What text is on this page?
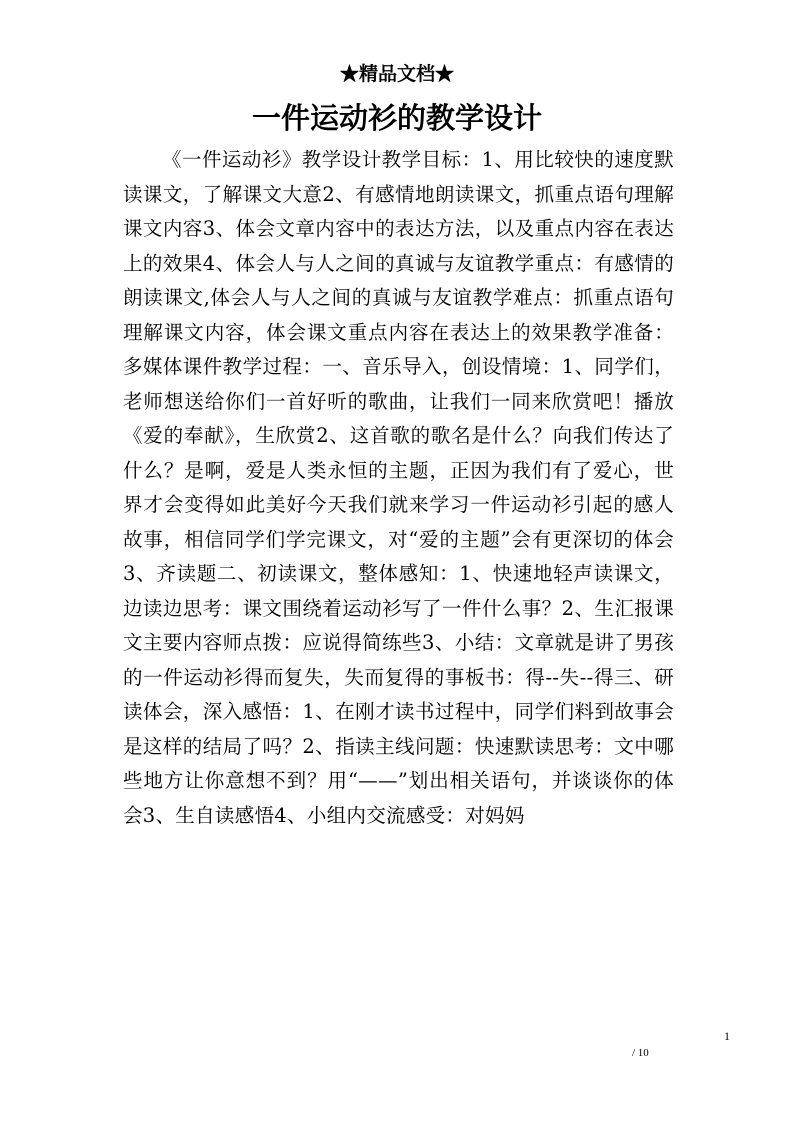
★精品文档★
一件运动衫的教学设计
《一件运动衫》教学设计教学目标：1、用比较快的速度默读课文，了解课文大意2、有感情地朗读课文，抓重点语句理解课文内容3、体会文章内容中的表达方法，以及重点内容在表达上的效果4、体会人与人之间的真诚与友谊教学重点：有感情的朗读课文,体会人与人之间的真诚与友谊教学难点：抓重点语句理解课文内容，体会课文重点内容在表达上的效果教学准备：多媒体课件教学过程：一、音乐导入，创设情境：1、同学们，老师想送给你们一首好听的歌曲，让我们一同来欣赏吧！播放《爱的奉献》，生欣赏2、这首歌的歌名是什么？向我们传达了什么？是啊，爱是人类永恒的主题，正因为我们有了爱心，世界才会变得如此美好今天我们就来学习一件运动衫引起的感人故事，相信同学们学完课文，对“爱的主题”会有更深切的体会3、齐读题二、初读课文，整体感知：1、快速地轻声读课文，边读边思考：课文围绕着运动衫写了一件什么事？2、生汇报课文主要内容师点拨：应说得简练些3、小结：文章就是讲了男孩的一件运动衫得而复失，失而复得的事板书：得--失--得三、研读体会，深入感悟：1、在刚才读书过程中，同学们料到故事会是这样的结局了吗？2、指读主线问题：快速默读思考：文中哪些地方让你意想不到？用“——”划出相关语句，并谈谈你的体会3、生自读感悟4、小组内交流感受：对妈妈
1
/ 10
